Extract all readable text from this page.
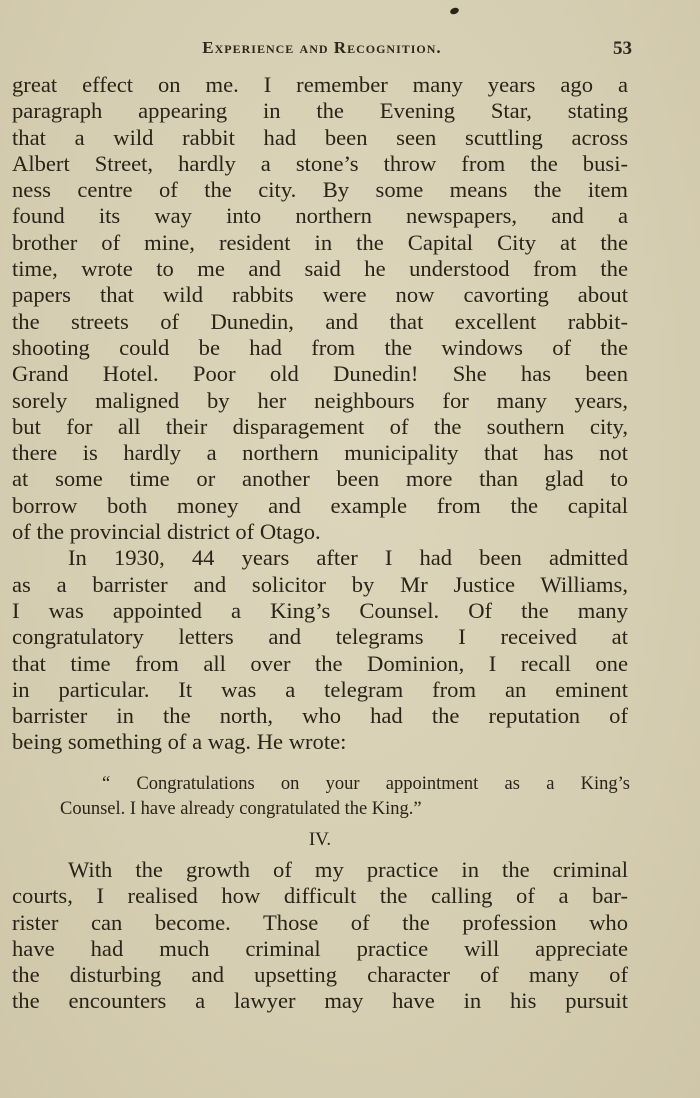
Experience and Recognition.	53
great effect on me. I remember many years ago a
paragraph appearing in the Evening Star, stating
that a wild rabbit had been seen scuttling across
Albert Street, hardly a stone’s throw from the busi-
ness centre of the city. By some means the item
found its way into northern newspapers, and a
brother of mine, resident in the Capital City at the
time, wrote to me and said he understood from the
papers that wild rabbits were now cavorting about
the streets of Dunedin, and that excellent rabbit-
shooting could be had from the windows of the
Grand Hotel. Poor old Dunedin! She has been
sorely maligned by her neighbours for many years,
but for all their disparagement of the southern city,
there is hardly a northern municipality that has not
at some time or another been more than glad to
borrow both money and example from the capital
of the provincial district of Otago.
In 1930, 44 years after I had been admitted
as a barrister and solicitor by Mr Justice Williams,
I was appointed a King’s Counsel. Of the many
congratulatory letters and telegrams I received at
that time from all over the Dominion, I recall one
in particular. It was a telegram from an eminent
barrister in the north, who had the reputation of
being something of a wag. He wrote:
“ Congratulations on your appointment as a King’s
Counsel. I have already congratulated the King.”
IV.
With the growth of my practice in the criminal
courts, I realised how difficult the calling of a bar-
rister can become. Those of the profession who
have had much criminal practice will appreciate
the disturbing and upsetting character of many of
the encounters a lawyer may have in his pursuit
